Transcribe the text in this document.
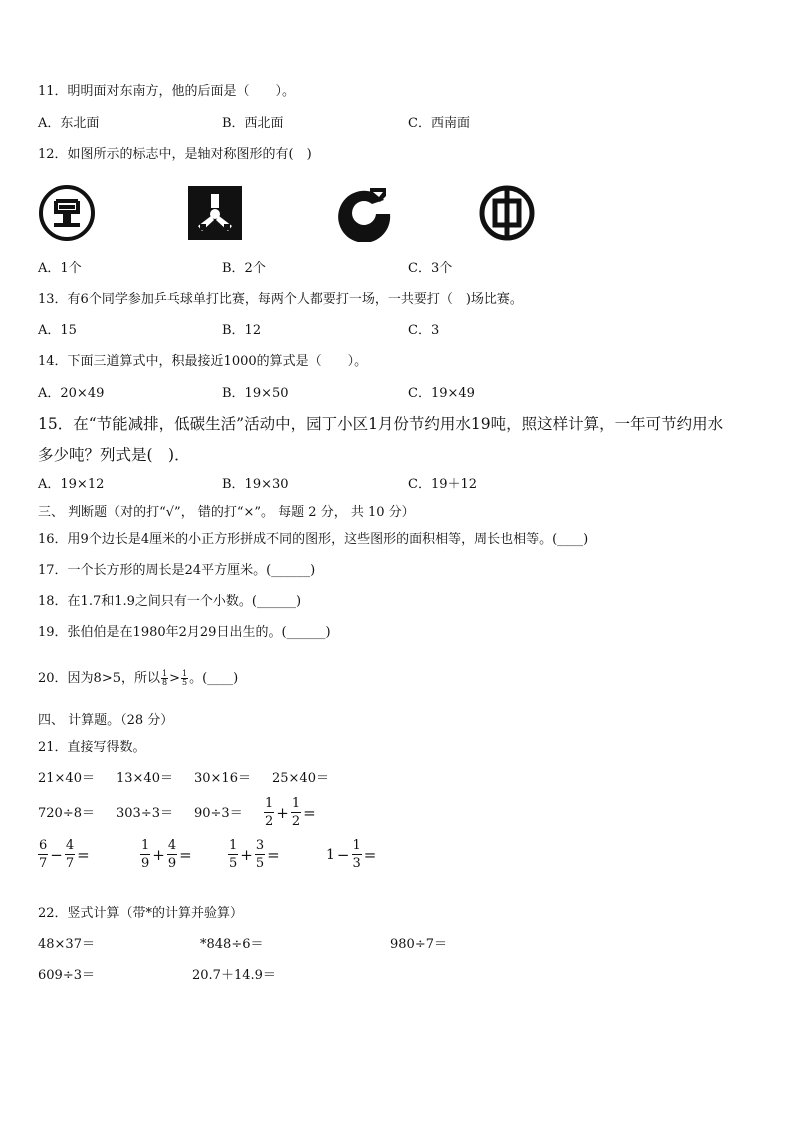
11．明明面对东南方，他的后面是（　　）。
A．东北面	B．西北面	C．西南面
12．如图所示的标志中，是轴对称图形的有(　)
A．1个	B．2个	C．3个
13．有6个同学参加乒乓球单打比赛，每两个人都要打一场，一共要打（　)场比赛。
A．15	B．12	C．3
14．下面三道算式中，积最接近1000的算式是（　　）。
A．20×49	B．19×50	C．19×49
15．在“节能减排，低碳生活”活动中，园丁小区1月份节约用水19吨，照这样计算，一年可节约用水
多少吨？列式是(　)．
A．19×12	B．19×30	C．19＋12
三、 判断题（对的打“√”， 错的打“×”。 每题 2 分， 共 10 分）
16．用9个边长是4厘米的小正方形拼成不同的图形，这些图形的面积相等，周长也相等。(____)
17．一个长方形的周长是24平方厘米。(______)
18．在1.7和1.9之间只有一个小数。(______)
19．张伯伯是在1980年2月29日出生的。(______)
20．因为8>5，所以 $\frac{1}{8} > \frac{1}{5}$ 。(____)
四、 计算题。（28 分）
21．直接写得数。
21×40＝ 13×40＝ 30×16＝ 25×40＝
$720\div 8= 303\div 3= 90\div 3= \frac{1}{2} + \frac{1}{2}$ =
$\frac{6}{7} - \frac{4}{7}$ =	$\frac{1}{9} + \frac{4}{9}$ =	$\frac{1}{5} + \frac{3}{5}$ =	$1 - \frac{1}{3}$ =
22．竖式计算（带*的计算并验算）
48×37＝	*848÷6＝	980÷7＝
609÷3＝	20.7＋14.9＝
